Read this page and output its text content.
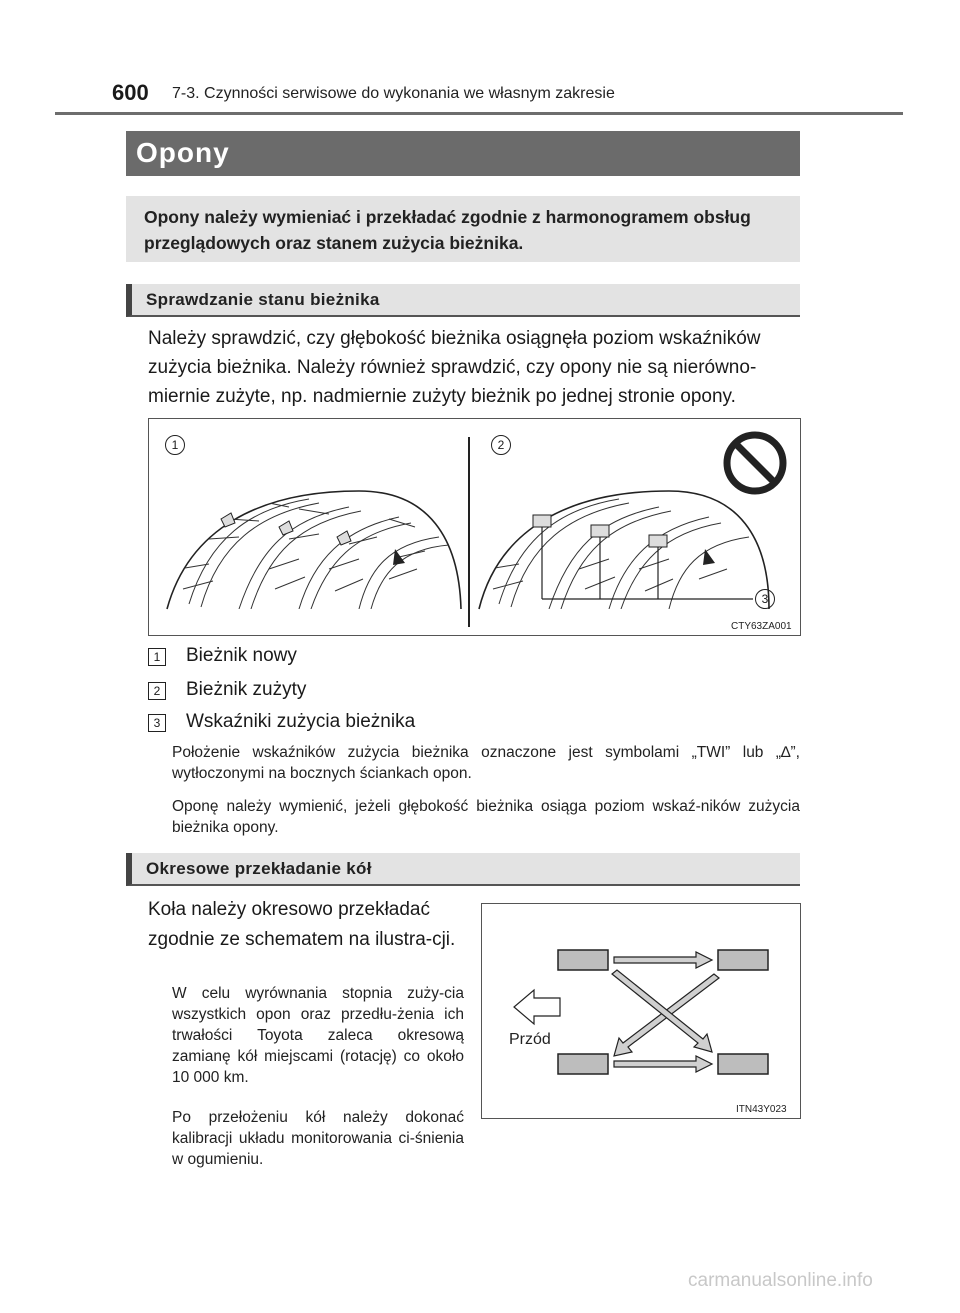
600 7-3. Czynności serwisowe do wykonania we własnym zakresie
Opony
Opony należy wymieniać i przekładać zgodnie z harmonogramem obsług przeglądowych oraz stanem zużycia bieżnika.
Sprawdzanie stanu bieżnika
Należy sprawdzić, czy głębokość bieżnika osiągnęła poziom wskaźników zużycia bieżnika. Należy również sprawdzić, czy opony nie są nierówno-miernie zużyte, np. nadmiernie zużyty bieżnik po jednej stronie opony.
1	2
3
CTY63ZA001
1 Bieżnik nowy
2 Bieżnik zużyty
3 Wskaźniki zużycia bieżnika
Położenie wskaźników zużycia bieżnika oznaczone jest symbolami „TWI” lub „∆”, wytłoczonymi na bocznych ściankach opon.
Oponę należy wymienić, jeżeli głębokość bieżnika osiąga poziom wskaź-ników zużycia bieżnika opony.
Okresowe przekładanie kół
Koła należy okresowo przekładać zgodnie ze schematem na ilustra-cji.
W celu wyrównania stopnia zuży-cia wszystkich opon oraz przedłu-żenia ich trwałości Toyota zaleca okresową zamianę kół miejscami (rotację) co około 10 000 km.
Po przełożeniu kół należy dokonać kalibracji układu monitorowania ci-śnienia w ogumieniu.
Przód
ITN43Y023
carmanualsonline.info
